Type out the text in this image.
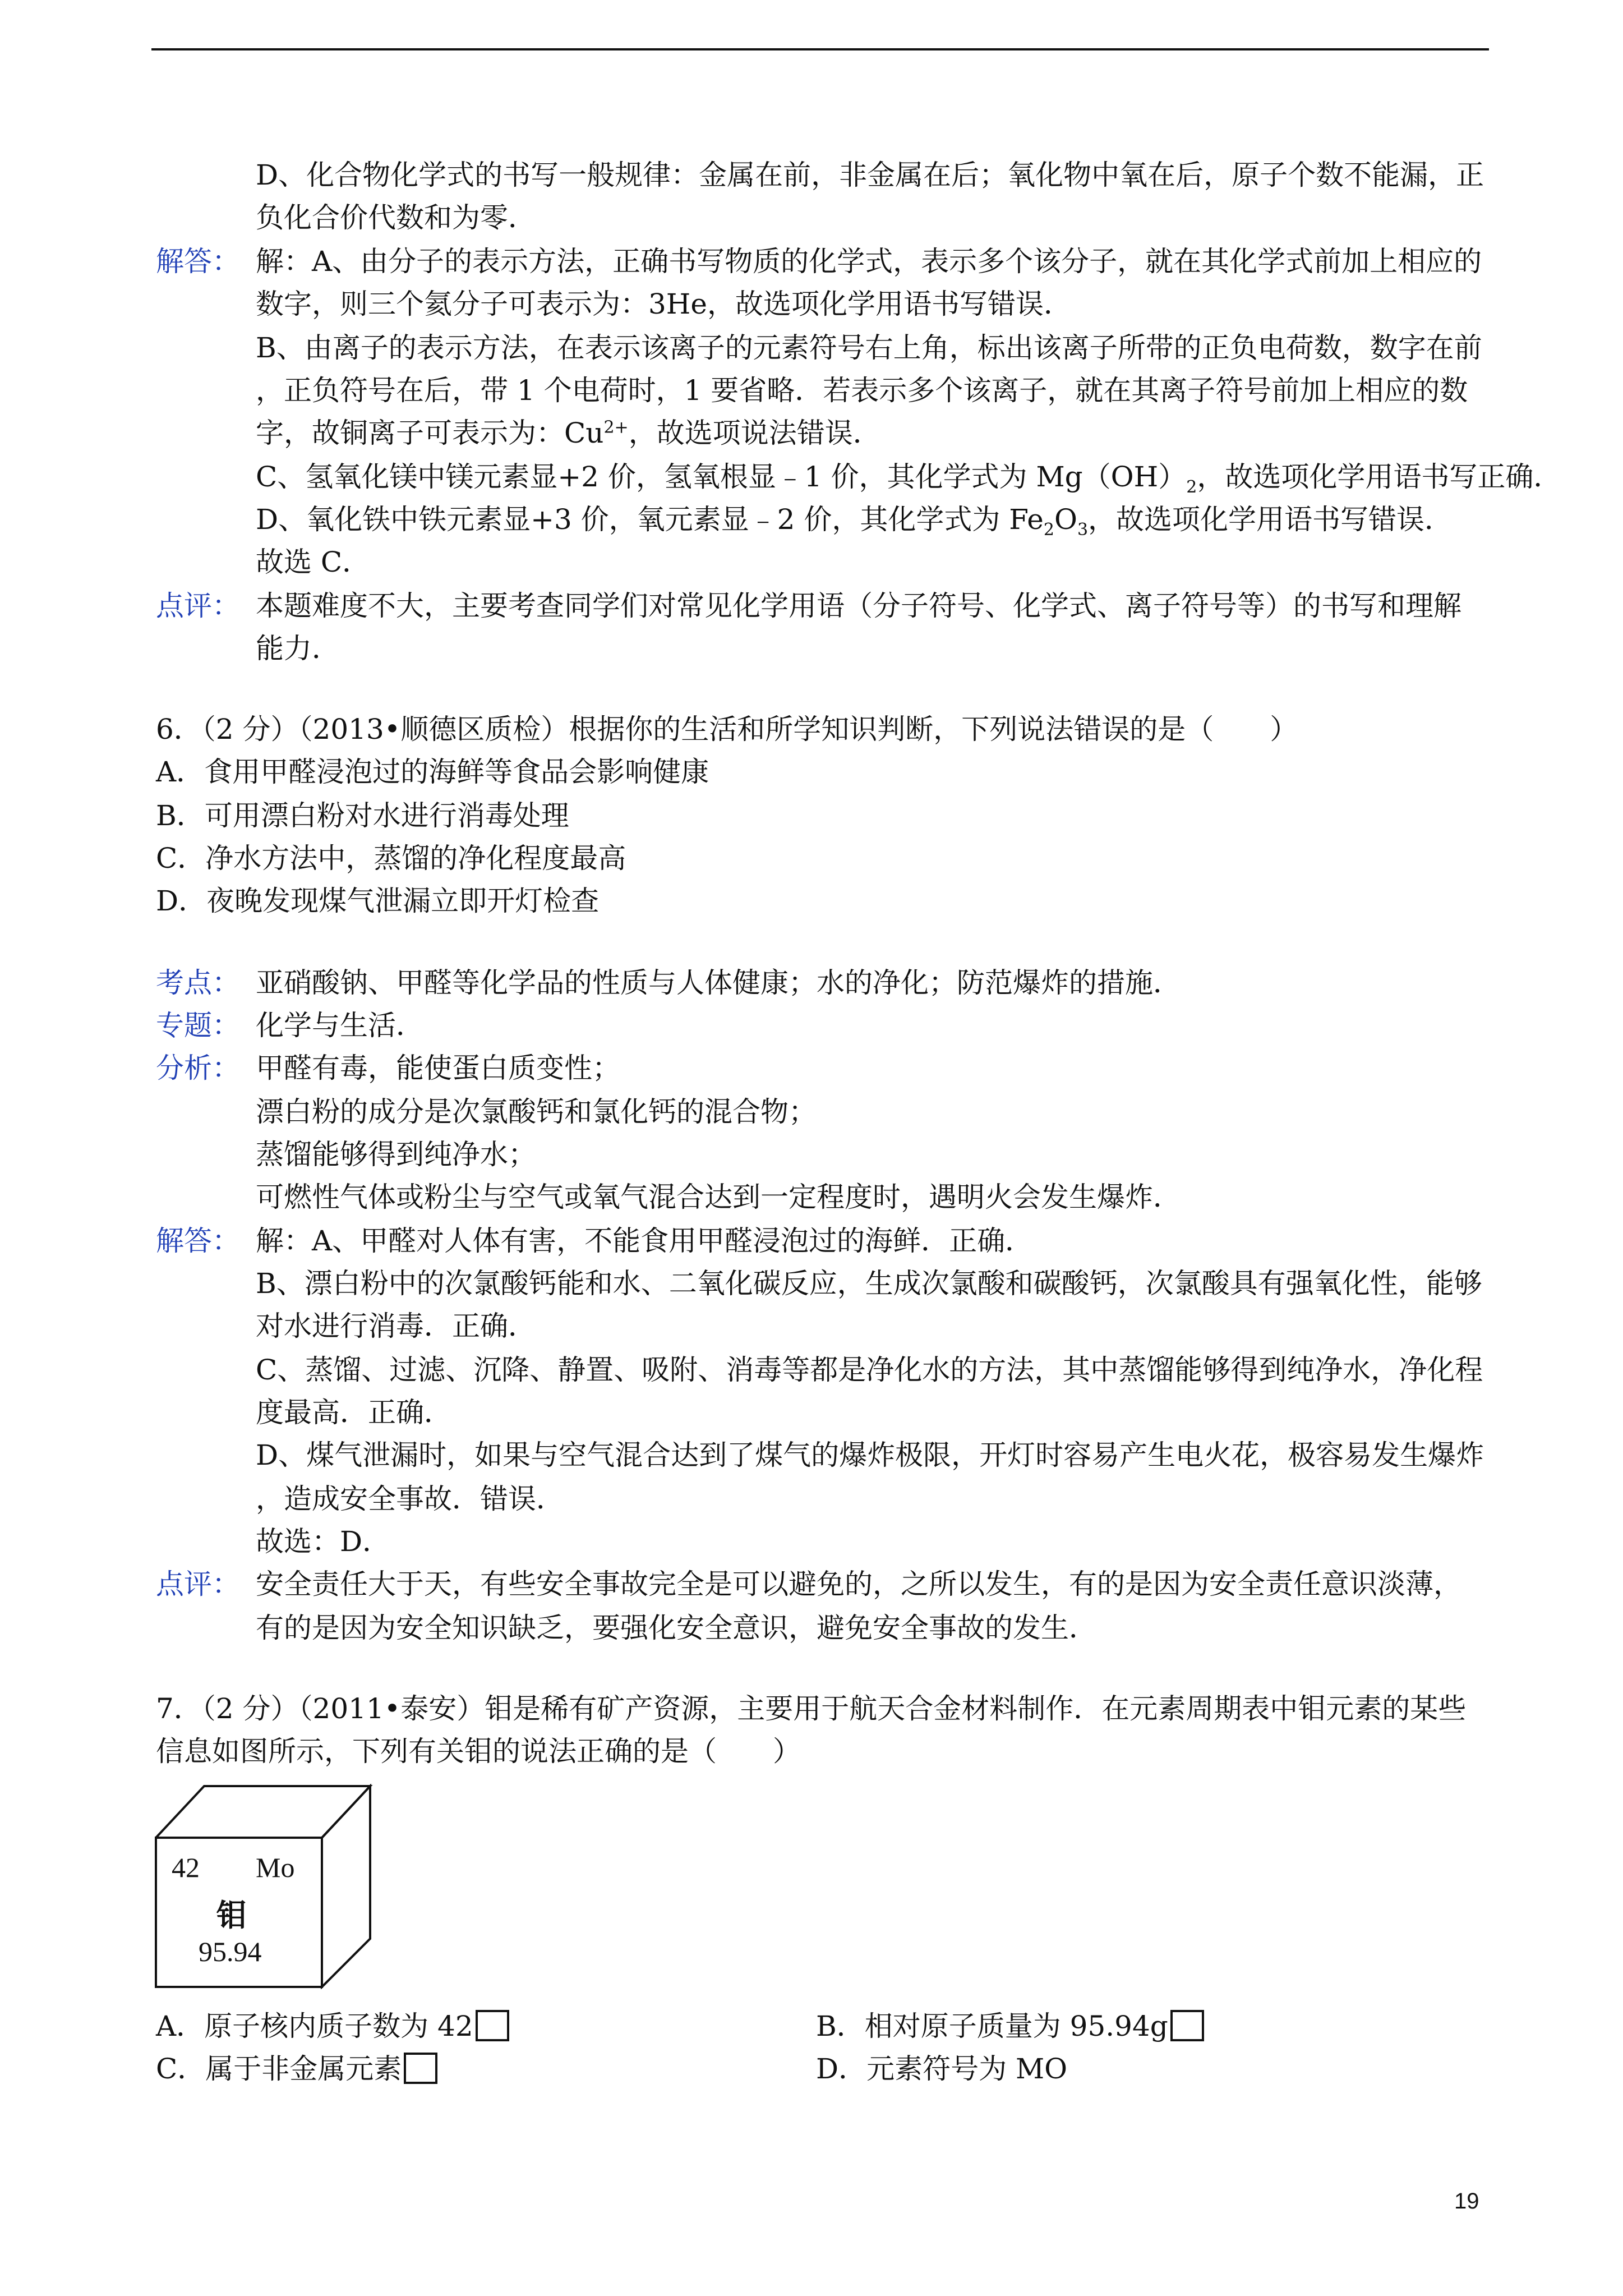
D、化合物化学式的书写一般规律：金属在前，非金属在后；氧化物中氧在后，原子个数不能漏，正
负化合价代数和为零．
解答： 解：A、由分子的表示方法，正确书写物质的化学式，表示多个该分子，就在其化学式前加上相应的
数字，则三个氦分子可表示为：3He，故选项化学用语书写错误．
B、由离子的表示方法，在表示该离子的元素符号右上角，标出该离子所带的正负电荷数，数字在前
，正负符号在后，带 1 个电荷时，1 要省略．若表示多个该离子，就在其离子符号前加上相应的数
字，故铜离子可表示为：$Cu^{2+}$，故选项说法错误．
C、氢氧化镁中镁元素显+2 价，氢氧根显﹣1 价，其化学式为 $Mg(OH)_2$，故选项化学用语书写正确．
D、氧化铁中铁元素显+3 价，氧元素显﹣2 价，其化学式为 $Fe_2O_3$，故选项化学用语书写错误．
故选 C．
点评： 本题难度不大，主要考查同学们对常见化学用语（分子符号、化学式、离子符号等）的书写和理解
能力．
6．（2 分）（2013•顺德区质检）根据你的生活和所学知识判断，下列说法错误的是（　　）
A．食用甲醛浸泡过的海鲜等食品会影响健康
B．可用漂白粉对水进行消毒处理
C．净水方法中，蒸馏的净化程度最高
D．夜晚发现煤气泄漏立即开灯检查
考点： 亚硝酸钠、甲醛等化学品的性质与人体健康；水的净化；防范爆炸的措施．
专题： 化学与生活．
分析： 甲醛有毒，能使蛋白质变性；
漂白粉的成分是次氯酸钙和氯化钙的混合物；
蒸馏能够得到纯净水；
可燃性气体或粉尘与空气或氧气混合达到一定程度时，遇明火会发生爆炸．
解答： 解：A、甲醛对人体有害，不能食用甲醛浸泡过的海鲜．正确．
B、漂白粉中的次氯酸钙能和水、二氧化碳反应，生成次氯酸和碳酸钙，次氯酸具有强氧化性，能够
对水进行消毒．正确．
C、蒸馏、过滤、沉降、静置、吸附、消毒等都是净化水的方法，其中蒸馏能够得到纯净水，净化程
度最高．正确．
D、煤气泄漏时，如果与空气混合达到了煤气的爆炸极限，开灯时容易产生电火花，极容易发生爆炸
，造成安全事故．错误．
故选：D．
点评： 安全责任大于天，有些安全事故完全是可以避免的，之所以发生，有的是因为安全责任意识淡薄，
有的是因为安全知识缺乏，要强化安全意识，避免安全事故的发生．
7．（2 分）（2011•泰安）钼是稀有矿产资源，主要用于航天合金材料制作．在元素周期表中钼元素的某些
信息如图所示，下列有关钼的说法正确的是（　　）
42 Mo
钼
95.94
A．原子核内质子数为 42	B．相对原子质量为 95.94g
C．属于非金属元素	D．元素符号为 MO
19
